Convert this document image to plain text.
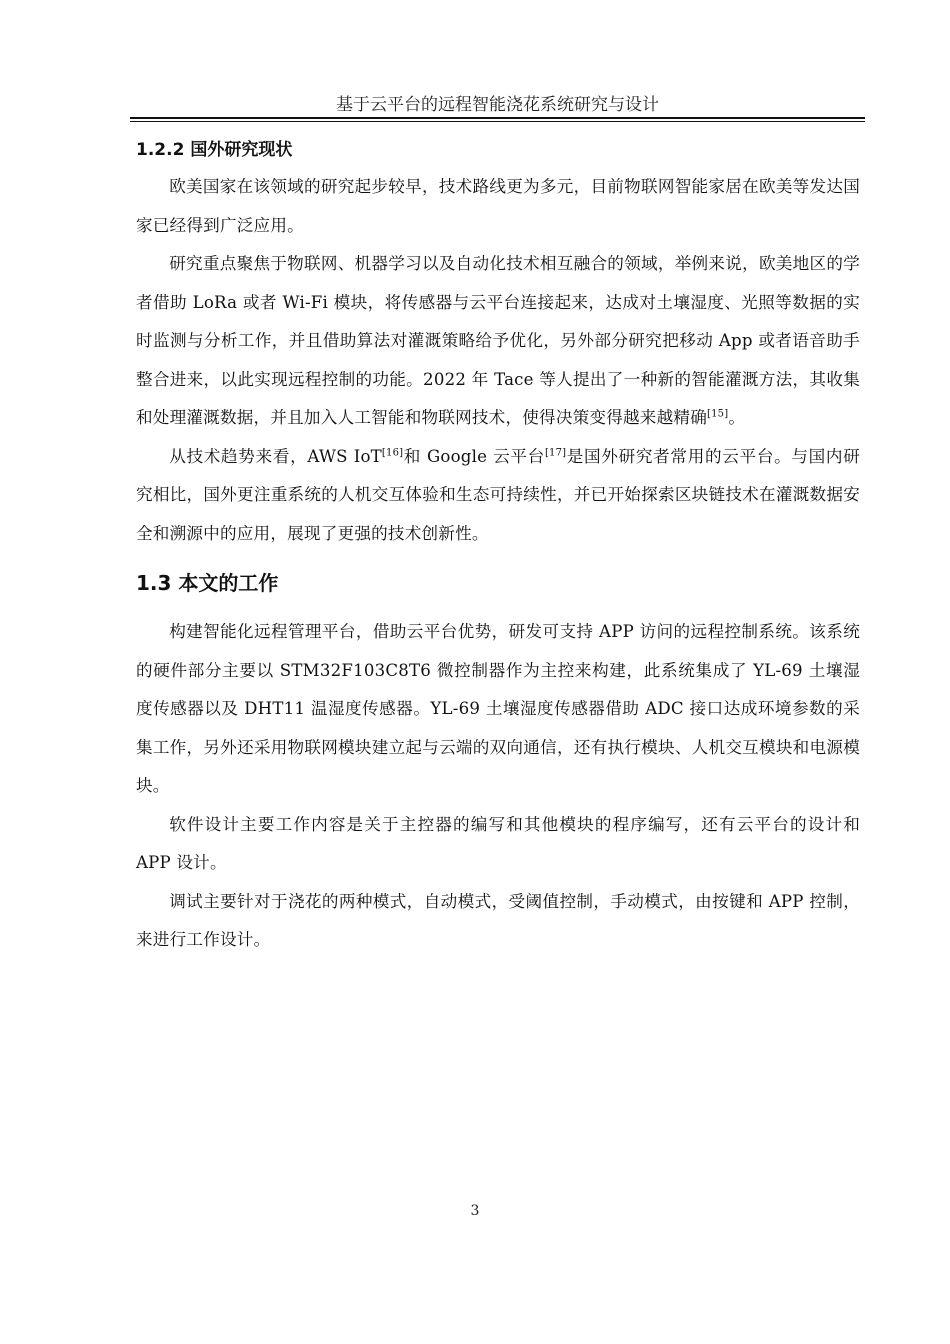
基于云平台的远程智能浇花系统研究与设计
1.2.2 国外研究现状

欧美国家在该领域的研究起步较早，技术路线更为多元，目前物联网智能家居在欧美等发达国家已经得到广泛应用。

研究重点聚焦于物联网、机器学习以及自动化技术相互融合的领域，举例来说，欧美地区的学者借助 LoRa 或者 Wi-Fi 模块，将传感器与云平台连接起来，达成对土壤湿度、光照等数据的实时监测与分析工作，并且借助算法对灌溉策略给予优化，另外部分研究把移动 App 或者语音助手整合进来，以此实现远程控制的功能。2022 年 Tace 等人提出了一种新的智能灌溉方法，其收集和处理灌溉数据，并且加入人工智能和物联网技术，使得决策变得越来越精确[15]。

从技术趋势来看，AWS IoT[16]和 Google 云平台[17]是国外研究者常用的云平台。与国内研究相比，国外更注重系统的人机交互体验和生态可持续性，并已开始探索区块链技术在灌溉数据安全和溯源中的应用，展现了更强的技术创新性。

1.3 本文的工作

构建智能化远程管理平台，借助云平台优势，研发可支持 APP 访问的远程控制系统。该系统的硬件部分主要以 STM32F103C8T6 微控制器作为主控来构建，此系统集成了 YL-69 土壤湿度传感器以及 DHT11 温湿度传感器。YL-69 土壤湿度传感器借助 ADC 接口达成环境参数的采集工作，另外还采用物联网模块建立起与云端的双向通信，还有执行模块、人机交互模块和电源模块。

软件设计主要工作内容是关于主控器的编写和其他模块的程序编写，还有云平台的设计和 APP 设计。

调试主要针对于浇花的两种模式，自动模式，受阈值控制，手动模式，由按键和 APP 控制，来进行工作设计。

3
